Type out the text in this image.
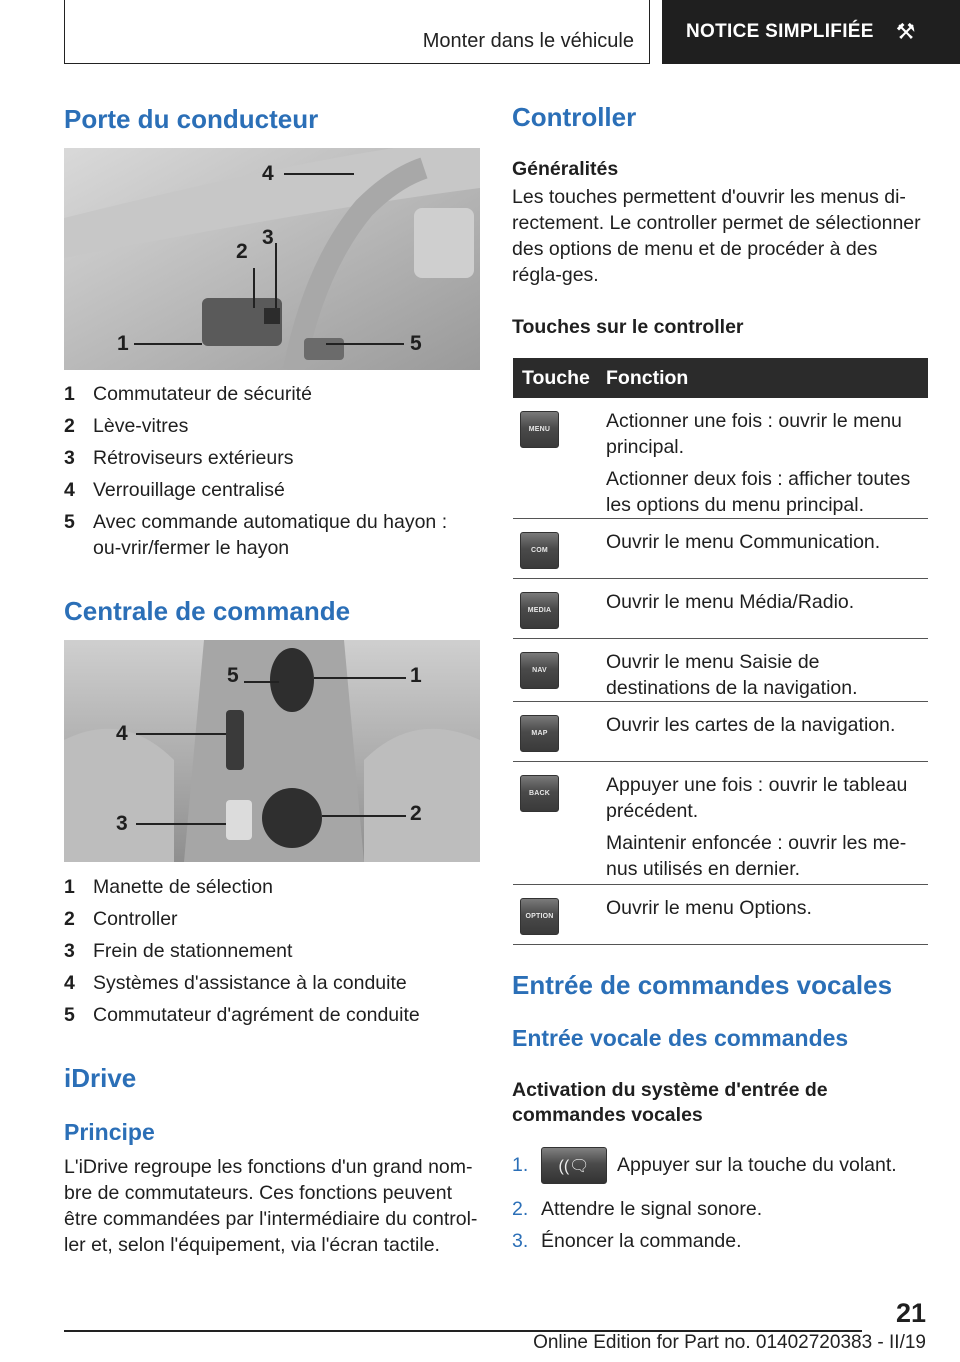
Monter dans le véhicule	NOTICE SIMPLIFIÉE ⚒
Porte du conducteur
1
2
3
4
5
1 Commutateur de sécurité
2 Lève-vitres
3 Rétroviseurs extérieurs
4 Verrouillage centralisé
5 Avec commande automatique du hayon : ou-vrir/fermer le hayon
Centrale de commande
1
2
3
4
5
1 Manette de sélection
2 Controller
3 Frein de stationnement
4 Systèmes d'assistance à la conduite
5 Commutateur d'agrément de conduite
iDrive
Principe
L'iDrive regroupe les fonctions d'un grand nom-bre de commutateurs. Ces fonctions peuvent être commandées par l'intermédiaire du control-ler et, selon l'équipement, via l'écran tactile.
Controller
Généralités
Les touches permettent d'ouvrir les menus di-rectement. Le controller permet de sélectionner des options de menu et de procéder à des régla-ges.
Touches sur le controller
Touche Fonction
MENU	Actionner une fois : ouvrir le menu principal.

Actionner deux fois : afficher toutes les options du menu principal.

COM	Ouvrir le menu Communication.

MEDIA	Ouvrir le menu Média/Radio.

NAV	Ouvrir le menu Saisie de destinations de la navigation.

MAP	Ouvrir les cartes de la navigation.

BACK	Appuyer une fois : ouvrir le tableau précédent.

Maintenir enfoncée : ouvrir les me-nus utilisés en dernier.

OPTION	Ouvrir le menu Options.

Entrée de commandes vocales
Entrée vocale des commandes
Activation du système d'entrée de commandes vocales
1.	((🗨	Appuyer sur la touche du volant.
2. Attendre le signal sonore.
3. Énoncer la commande.
21
Online Edition for Part no. 01402720383 - II/19
